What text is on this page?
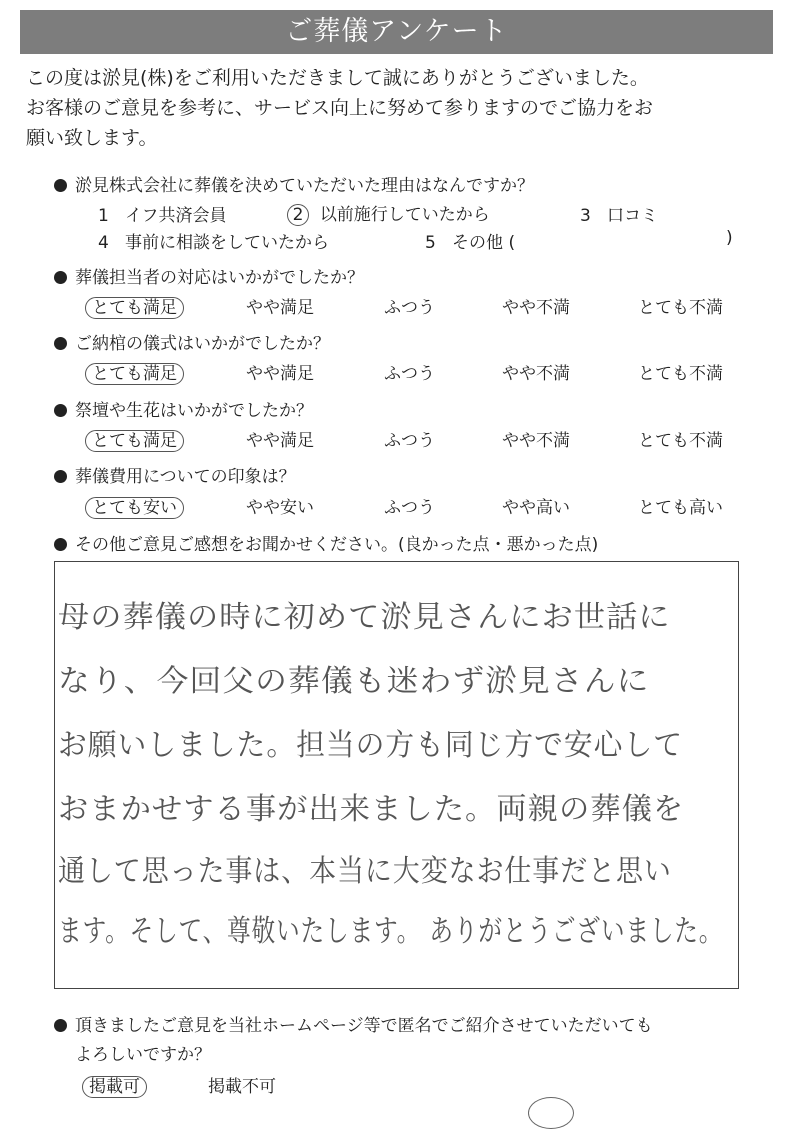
ご葬儀アンケート
この度は淤見(株)をご利用いただきまして誠にありがとうございました。
お客様のご意見を参考に、サービス向上に努めて参りますのでご協力をお
願い致します。
淤見株式会社に葬儀を決めていただいた理由はなんですか？
1 イフ共済会員	2 以前施行していたから	3 口コミ
4 事前に相談をしていたから	5 その他 (	)
葬儀担当者の対応はいかがでしたか？
とても満足	やや満足	ふつう	やや不満	とても不満
ご納棺の儀式はいかがでしたか？
とても満足	やや満足	ふつう	やや不満	とても不満
祭壇や生花はいかがでしたか？
とても満足	やや満足	ふつう	やや不満	とても不満
葬儀費用についての印象は？
とても安い	やや安い	ふつう	やや高い	とても高い
その他ご意見ご感想をお聞かせください。(良かった点・悪かった点)
母の葬儀の時に初めて淤見さんにお世話に
なり、今回父の葬儀も迷わず淤見さんに
お願いしました。担当の方も同じ方で安心して
おまかせする事が出来ました。両親の葬儀を
通して思った事は、本当に大変なお仕事だと思い
ます。そして、尊敬いたします。 ありがとうございました。
頂きましたご意見を当社ホームページ等で匿名でご紹介させていただいても
よろしいですか？
掲載可	掲載不可
